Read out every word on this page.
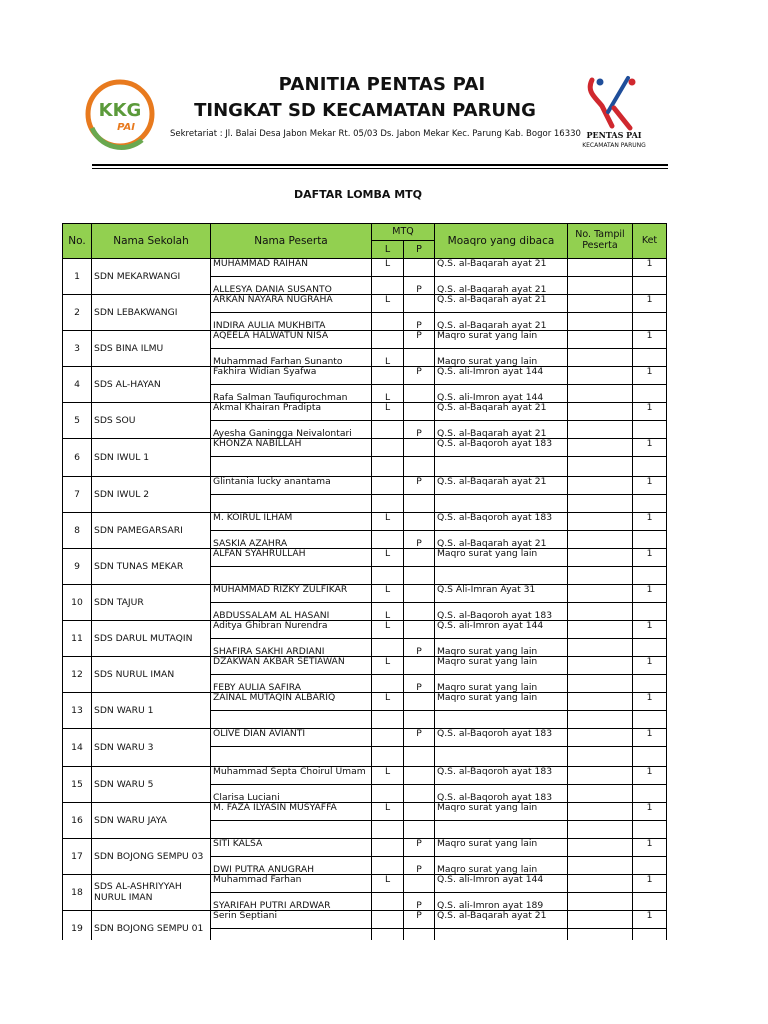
KKG
PAI
PANITIA PENTAS PAI
TINGKAT SD KECAMATAN PARUNG
Sekretariat : Jl. Balai Desa Jabon Mekar Rt. 05/03 Ds. Jabon Mekar Kec. Parung Kab. Bogor 16330 PENTAS PAI
KECAMATAN PARUNG
DAFTAR LOMBA MTQ
No.	Nama Sekolah	Nama Peserta	MTQ		Moaqro yang dibaca	No. Tampil Peserta	Ket
			L	P			
1	SDN MEKARWANGI	MUHAMMAD RAIHAN	L		Q.S. al-Baqarah ayat 21		1
		ALLESYA DANIA SUSANTO		P	Q.S. al-Baqarah ayat 21		
2	SDN LEBAKWANGI	ARKAN NAYARA NUGRAHA	L		Q.S. al-Baqarah ayat 21		1
		INDIRA AULIA MUKHBITA		P	Q.S. al-Baqarah ayat 21		
3	SDS BINA ILMU	AQEELA HALWATUN NISA		P	Maqro surat yang lain		1
		Muhammad Farhan Sunanto	L		Maqro surat yang lain		
4	SDS AL-HAYAN	Fakhira Widian Syafwa		P	Q.S. ali-Imron ayat 144		1
		Rafa Salman Taufiqurochman	L		Q.S. ali-Imron ayat 144		
5	SDS SOU	Akmal Khairan Pradipta	L		Q.S. al-Baqarah ayat 21		1
		Ayesha Ganingga Neivalontari		P	Q.S. al-Baqarah ayat 21		
6	SDN IWUL 1	KHONZA NABILLAH			Q.S. al-Baqoroh ayat 183		1

7	SDN IWUL 2	Glintania lucky anantama		P	Q.S. al-Baqarah ayat 21		1

8	SDN PAMEGARSARI	M. KOIRUL ILHAM	L		Q.S. al-Baqoroh ayat 183		1
		SASKIA AZAHRA		P	Q.S. al-Baqarah ayat 21		
9	SDN TUNAS MEKAR	ALFAN SYAHRULLAH	L		Maqro surat yang lain		1

10	SDN TAJUR	MUHAMMAD RIZKY ZULFIKAR	L		Q.S Ali-Imran Ayat 31		1
		ABDUSSALAM AL HASANI	L		Q.S. al-Baqoroh ayat 183		
11	SDS DARUL MUTAQIN	Aditya Ghibran Nurendra	L		Q.S. ali-Imron ayat 144		1
		SHAFIRA SAKHI ARDIANI		P	Maqro surat yang lain		
12	SDS NURUL IMAN	DZAKWAN AKBAR SETIAWAN	L		Maqro surat yang lain		1
		FEBY AULIA SAFIRA		P	Maqro surat yang lain		
13	SDN WARU 1	ZAINAL MUTAQIN ALBARIQ	L		Maqro surat yang lain		1

14	SDN WARU 3	OLIVE DIAN AVIANTI		P	Q.S. al-Baqoroh ayat 183		1

15	SDN WARU 5	Muhammad Septa Choirul Umam	L		Q.S. al-Baqoroh ayat 183		1
		Clarisa Luciani			Q.S. al-Baqoroh ayat 183		
16	SDN WARU JAYA	M. FAZA ILYASIN MUSYAFFA	L		Maqro surat yang lain		1

17	SDN BOJONG SEMPU 03	SITI KALSA		P	Maqro surat yang lain		1
		DWI PUTRA ANUGRAH		P	Maqro surat yang lain		
18	SDS AL-ASHRIYYAH NURUL IMAN	Muhammad Farhan	L		Q.S. ali-Imron ayat 144		1
		SYARIFAH PUTRI ARDWAR		P	Q.S. ali-Imron ayat 189		
19	SDN BOJONG SEMPU 01	Serin Septiani		P	Q.S. al-Baqarah ayat 21		1
